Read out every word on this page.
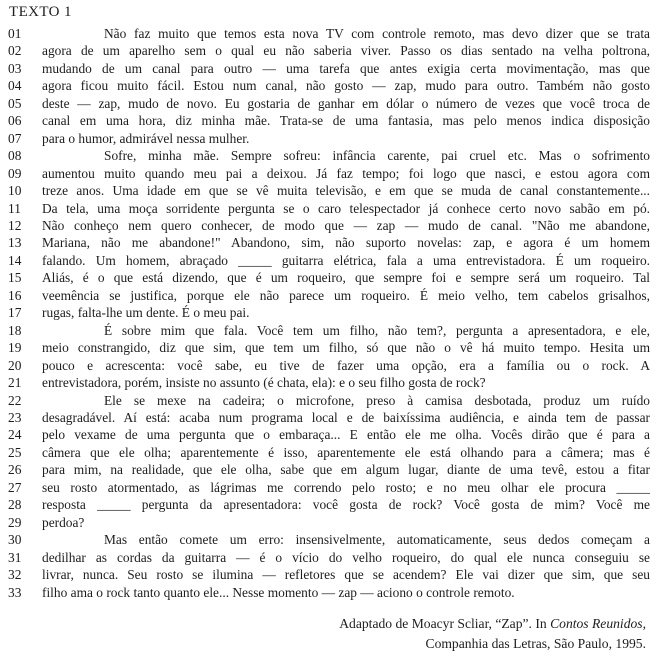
TEXTO 1
01	Não faz muito que temos esta nova TV com controle remoto, mas devo dizer que se trata
02	agora de um aparelho sem o qual eu não saberia viver. Passo os dias sentado na velha poltrona,
03	mudando de um canal para outro — uma tarefa que antes exigia certa movimentação, mas que
04	agora ficou muito fácil. Estou num canal, não gosto — zap, mudo para outro. Também não gosto
05	deste — zap, mudo de novo. Eu gostaria de ganhar em dólar o número de vezes que você troca de
06	canal em uma hora, diz minha mãe. Trata-se de uma fantasia, mas pelo menos indica disposição
07	para o humor, admirável nessa mulher.
08	Sofre, minha mãe. Sempre sofreu: infância carente, pai cruel etc. Mas o sofrimento
09	aumentou muito quando meu pai a deixou. Já faz tempo; foi logo que nasci, e estou agora com
10	treze anos. Uma idade em que se vê muita televisão, e em que se muda de canal constantemente...
11	Da tela, uma moça sorridente pergunta se o caro telespectador já conhece certo novo sabão em pó.
12	Não conheço nem quero conhecer, de modo que — zap — mudo de canal. "Não me abandone,
13	Mariana, não me abandone!" Abandono, sim, não suporto novelas: zap, e agora é um homem
14	falando. Um homem, abraçado _____ guitarra elétrica, fala a uma entrevistadora. É um roqueiro.
15	Aliás, é o que está dizendo, que é um roqueiro, que sempre foi e sempre será um roqueiro. Tal
16	veemência se justifica, porque ele não parece um roqueiro. É meio velho, tem cabelos grisalhos,
17	rugas, falta-lhe um dente. É o meu pai.
18	É sobre mim que fala. Você tem um filho, não tem?, pergunta a apresentadora, e ele,
19	meio constrangido, diz que sim, que tem um filho, só que não o vê há muito tempo. Hesita um
20	pouco e acrescenta: você sabe, eu tive de fazer uma opção, era a família ou o rock. A
21	entrevistadora, porém, insiste no assunto (é chata, ela): e o seu filho gosta de rock?
22	Ele se mexe na cadeira; o microfone, preso à camisa desbotada, produz um ruído
23	desagradável. Aí está: acaba num programa local e de baixíssima audiência, e ainda tem de passar
24	pelo vexame de uma pergunta que o embaraça... E então ele me olha. Vocês dirão que é para a
25	câmera que ele olha; aparentemente é isso, aparentemente ele está olhando para a câmera; mas é
26	para mim, na realidade, que ele olha, sabe que em algum lugar, diante de uma tevê, estou a fitar
27	seu rosto atormentado, as lágrimas me correndo pelo rosto; e no meu olhar ele procura _____
28	resposta _____ pergunta da apresentadora: você gosta de rock? Você gosta de mim? Você me
29	perdoa?
30	Mas então comete um erro: insensivelmente, automaticamente, seus dedos começam a
31	dedilhar as cordas da guitarra — é o vício do velho roqueiro, do qual ele nunca conseguiu se
32	livrar, nunca. Seu rosto se ilumina — refletores que se acendem? Ele vai dizer que sim, que seu
33	filho ama o rock tanto quanto ele... Nesse momento — zap — aciono o controle remoto.
Adaptado de Moacyr Scliar, “Zap”. In Contos Reunidos,
Companhia das Letras, São Paulo, 1995.
